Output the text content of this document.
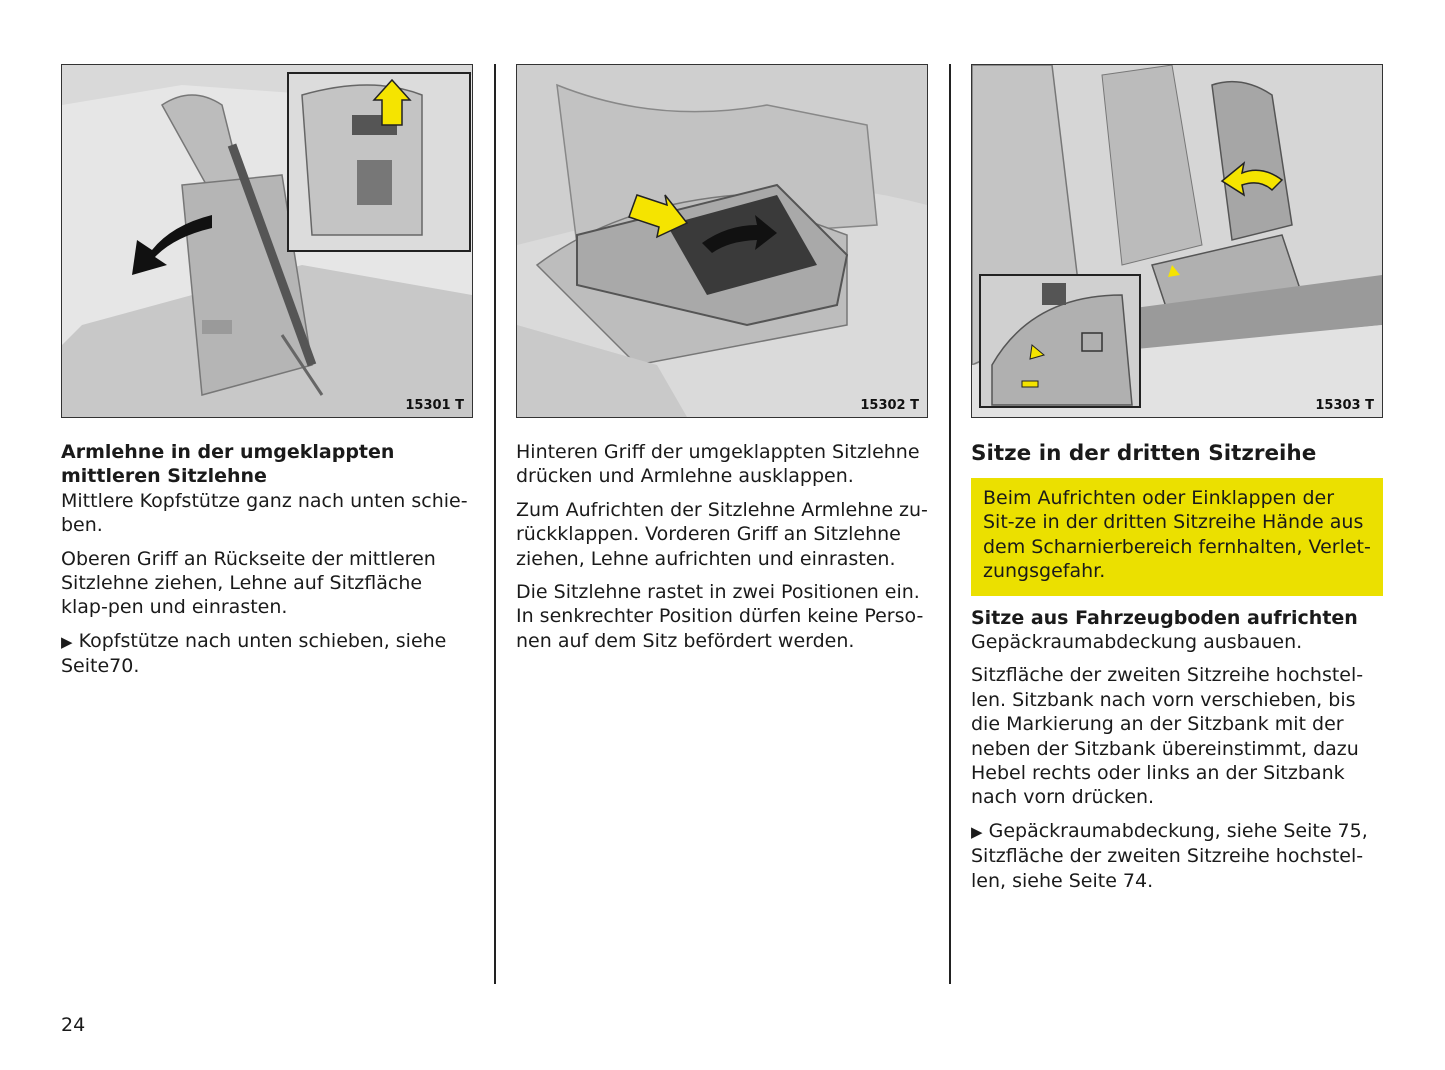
15301 T

Armlehne in der umgeklappten mittleren Sitzlehne

Mittlere Kopfstütze ganz nach unten schie-ben.

Oberen Griff an Rückseite der mittleren Sitzlehne ziehen, Lehne auf Sitzfläche klap-pen und einrasten.

▶ Kopfstütze nach unten schieben, siehe Seite70.

15302 T

Hinteren Griff der umgeklappten Sitzlehne drücken und Armlehne ausklappen.

Zum Aufrichten der Sitzlehne Armlehne zu-rückklappen. Vorderen Griff an Sitzlehne ziehen, Lehne aufrichten und einrasten.

Die Sitzlehne rastet in zwei Positionen ein. In senkrechter Position dürfen keine Perso-nen auf dem Sitz befördert werden.

15303 T
Sitze in der dritten Sitzreihe
Beim Aufrichten oder Einklappen der Sit-ze in der dritten Sitzreihe Hände aus dem Scharnierbereich fernhalten, Verlet-zungsgefahr.

Sitze aus Fahrzeugboden aufrichten

Gepäckraumabdeckung ausbauen.

Sitzfläche der zweiten Sitzreihe hochstel-len. Sitzbank nach vorn verschieben, bis die Markierung an der Sitzbank mit der neben der Sitzbank übereinstimmt, dazu Hebel rechts oder links an der Sitzbank nach vorn drücken.

▶ Gepäckraumabdeckung, siehe Seite 75, Sitzfläche der zweiten Sitzreihe hochstel-len, siehe Seite 74.

24
